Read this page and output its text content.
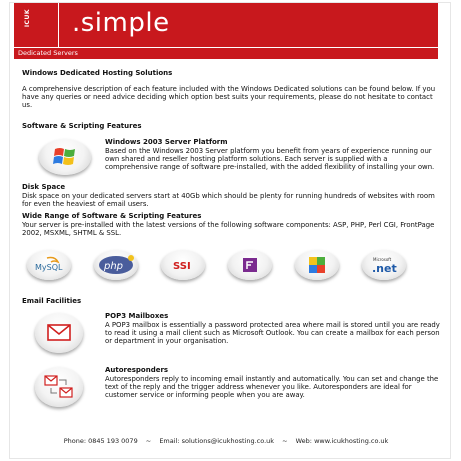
ICUK .simple
Dedicated Servers

Windows Dedicated Hosting Solutions

A comprehensive description of each feature included with the Windows Dedicated solutions can be found below. If you have any queries or need advice deciding which option best suits your requirements, please do not hesitate to contact us.

Software & Scripting Features

Windows 2003 Server Platform

Based on the Windows 2003 Server platform you benefit from years of experience running our own shared and reseller hosting platform solutions. Each server is supplied with a comprehensive range of software pre-installed, with the added flexibility of installing your own.

Disk Space

Disk space on your dedicated servers start at 40Gb which should be plenty for running hundreds of websites with room for even the heaviest of email users.

Wide Range of Software & Scripting Features

Your server is pre-installed with the latest versions of the following software components: ASP, PHP, Perl CGI, FrontPage 2002, MSXML, SHTML & SSL.

MySQL	php	SSI
Microsoft
.net

Email Facilities

POP3 Mailboxes

A POP3 mailbox is essentially a password protected area where mail is stored until you are ready to read it using a mail client such as Microsoft Outlook. You can create a mailbox for each person or department in your organisation.

Autoresponders

Autoresponders reply to incoming email instantly and automatically. You can set and change the text of the reply and the trigger address whenever you like. Autoresponders are ideal for customer service or informing people when you are away.

Phone: 0845 193 0079 ~ Email: solutions@icukhosting.co.uk ~ Web: www.icukhosting.co.uk
